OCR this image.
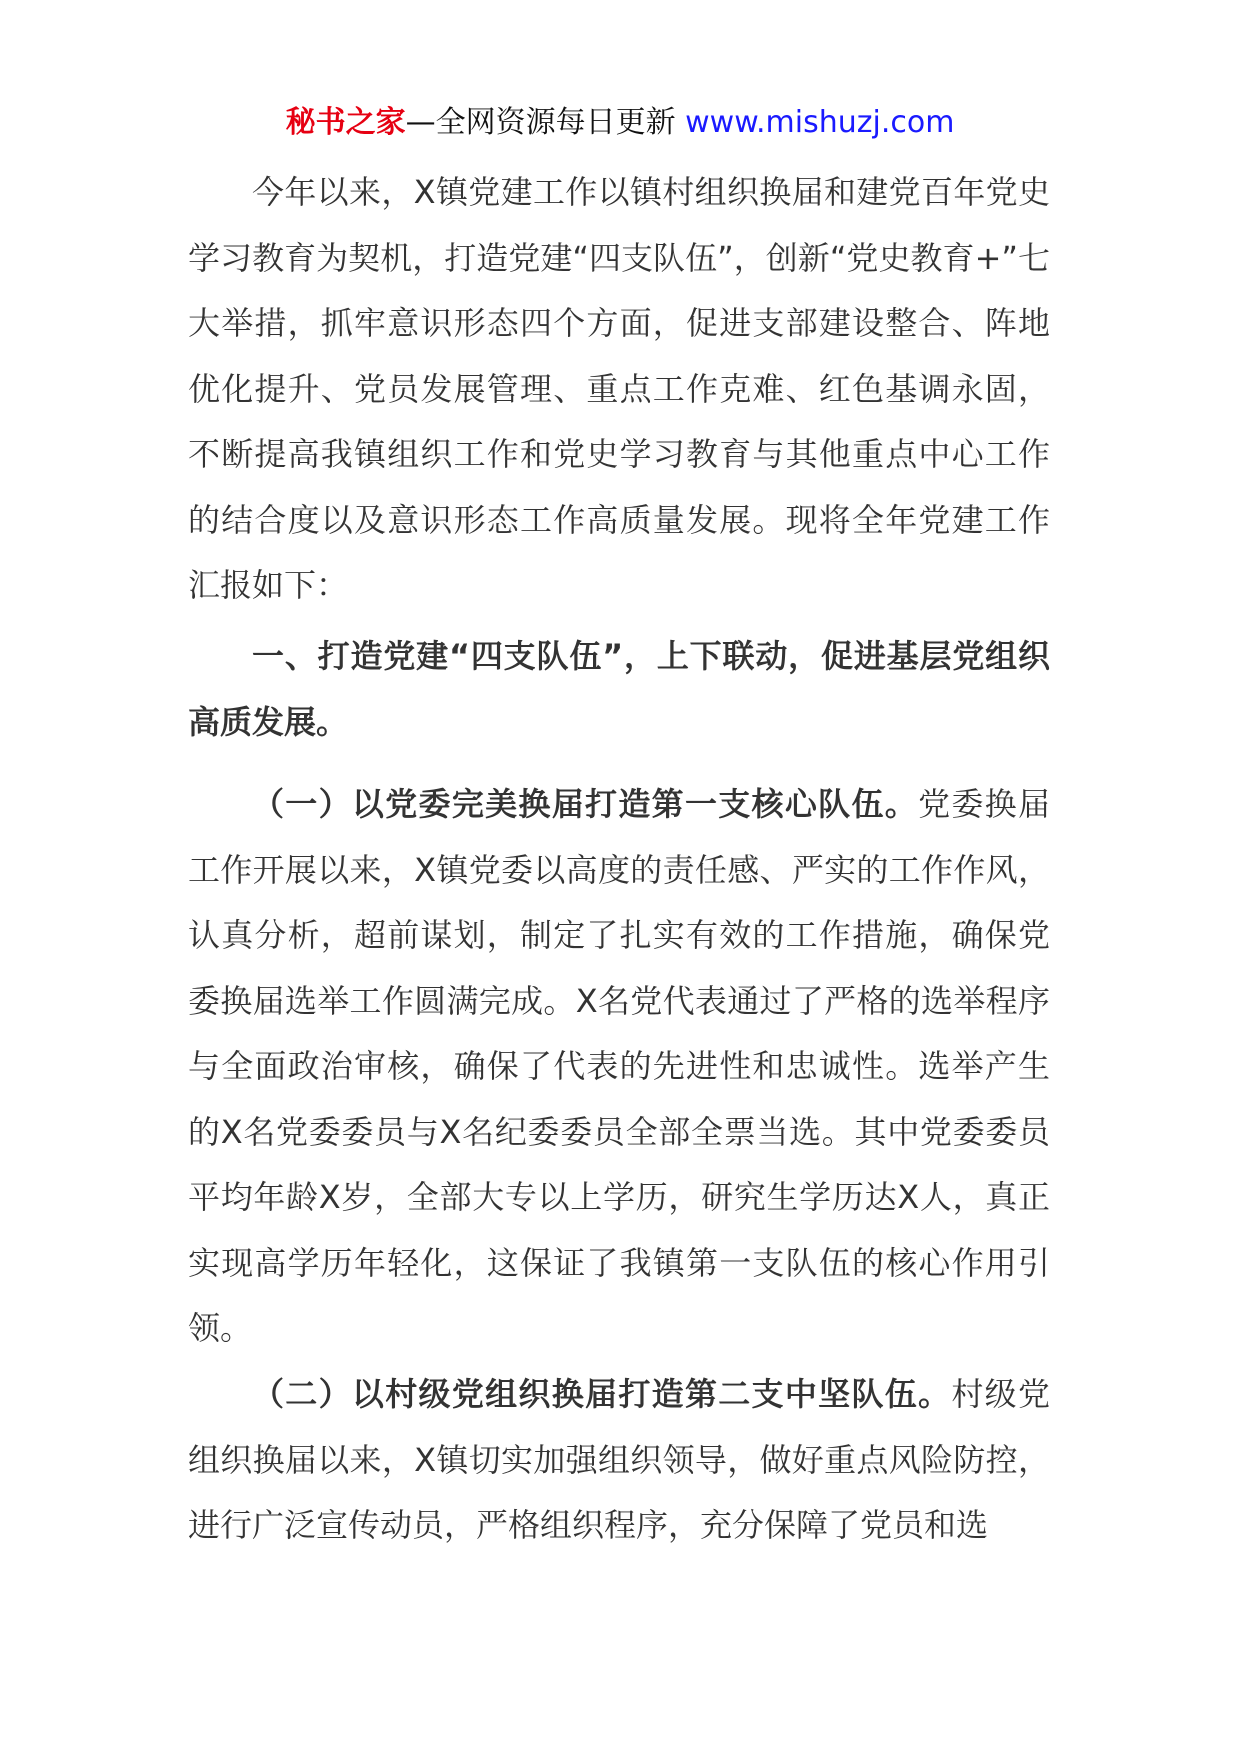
秘书之家—全网资源每日更新 www.mishuzj.com

今年以来，X镇党建工作以镇村组织换届和建党百年党史学习教育为契机，打造党建“四支队伍”，创新“党史教育+”七大举措，抓牢意识形态四个方面，促进支部建设整合、阵地优化提升、党员发展管理、重点工作克难、红色基调永固，不断提高我镇组织工作和党史学习教育与其他重点中心工作的结合度以及意识形态工作高质量发展。现将全年党建工作汇报如下：

一、打造党建“四支队伍”，上下联动，促进基层党组织高质发展。

（一）以党委完美换届打造第一支核心队伍。党委换届工作开展以来，X镇党委以高度的责任感、严实的工作作风，认真分析，超前谋划，制定了扎实有效的工作措施，确保党委换届选举工作圆满完成。X名党代表通过了严格的选举程序与全面政治审核，确保了代表的先进性和忠诚性。选举产生的X名党委委员与X名纪委委员全部全票当选。其中党委委员平均年龄X岁，全部大专以上学历，研究生学历达X人，真正实现高学历年轻化，这保证了我镇第一支队伍的核心作用引领。

（二）以村级党组织换届打造第二支中坚队伍。村级党组织换届以来，X镇切实加强组织领导，做好重点风险防控，进行广泛宣传动员，严格组织程序，充分保障了党员和选
